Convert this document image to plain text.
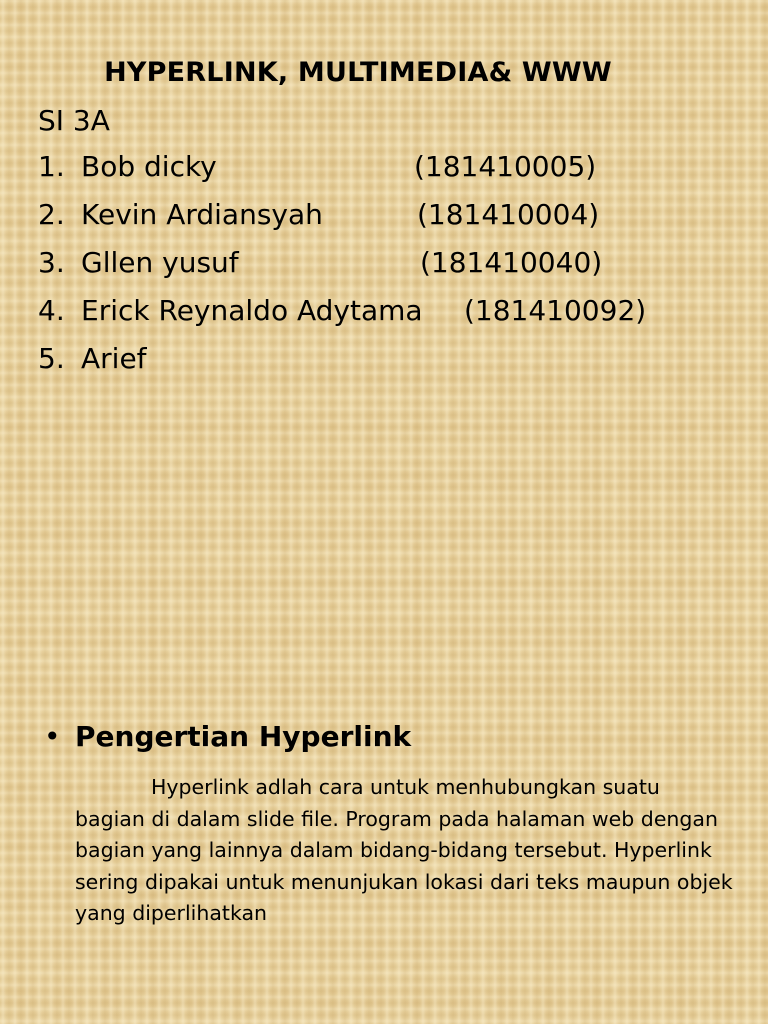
HYPERLINK, MULTIMEDIA& WWW
SI 3A
1. Bob dicky	(181410005)
2. Kevin Ardiansyah	(181410004)
3. Gllen yusuf	(181410040)
4. Erick Reynaldo Adytama (181410092)
5. Arief
• Pengertian Hyperlink
Hyperlink adlah cara untuk menhubungkan suatu bagian di dalam slide file. Program pada halaman web dengan bagian yang lainnya dalam bidang-bidang tersebut. Hyperlink sering dipakai untuk menunjukan lokasi dari teks maupun objek yang diperlihatkan
